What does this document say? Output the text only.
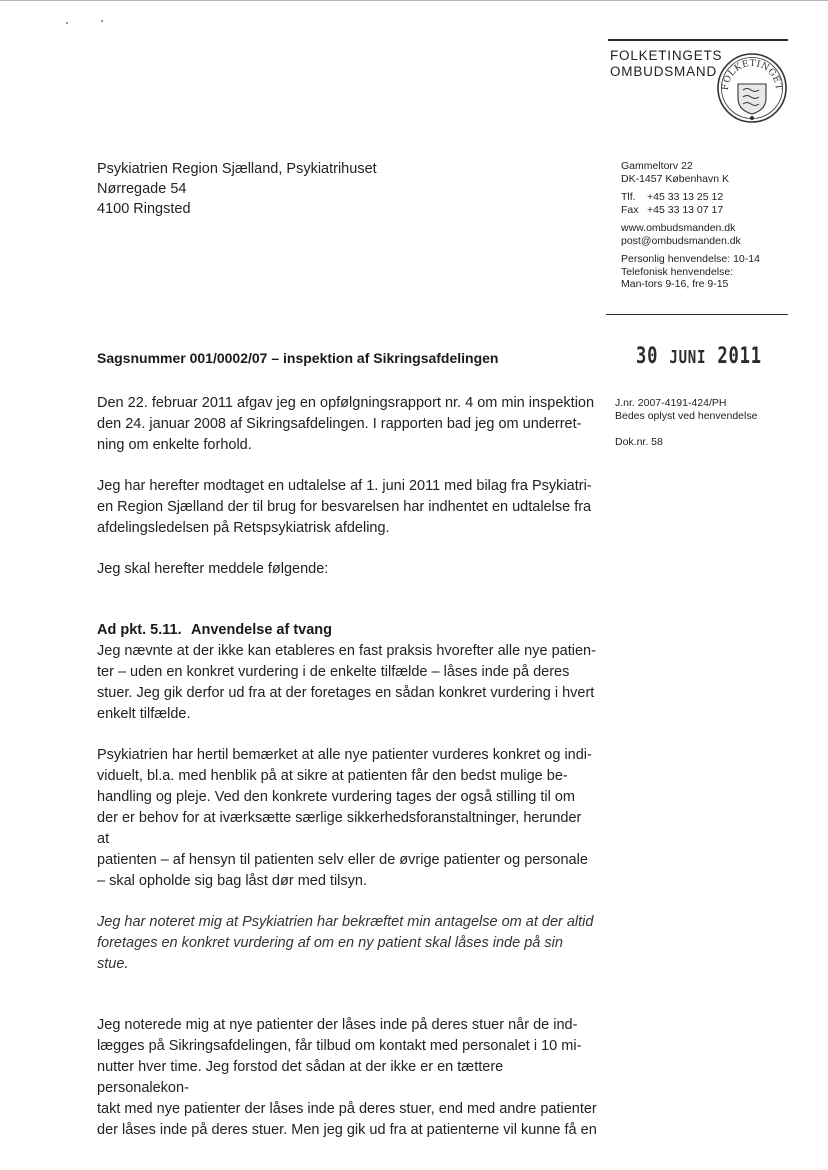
FOLKETINGETS
OMBUDSMAND
FOLKETINGET
Psykiatrien Region Sjælland, Psykiatrihuset
Nørregade 54
4100 Ringsted
Gammeltorv 22
DK-1457 København K
Tlf. +45 33 13 25 12
Fax +45 33 13 07 17
www.ombudsmanden.dk
post@ombudsmanden.dk
Personlig henvendelse: 10-14
Telefonisk henvendelse:
Man-tors 9-16, fre 9-15
30 JUNI 2011
J.nr. 2007-4191-424/PH
Bedes oplyst ved henvendelse
Dok.nr. 58
Sagsnummer 001/0002/07 – inspektion af Sikringsafdelingen

Den 22. februar 2011 afgav jeg en opfølgningsrapport nr. 4 om min inspektion
den 24. januar 2008 af Sikringsafdelingen. I rapporten bad jeg om underret-
ning om enkelte forhold.

Jeg har herefter modtaget en udtalelse af 1. juni 2011 med bilag fra Psykiatri-
en Region Sjælland der til brug for besvarelsen har indhentet en udtalelse fra
afdelingsledelsen på Retspsykiatrisk afdeling.

Jeg skal herefter meddele følgende:

Ad pkt. 5.11. Anvendelse af tvang

Jeg nævnte at der ikke kan etableres en fast praksis hvorefter alle nye patien-
ter – uden en konkret vurdering i de enkelte tilfælde – låses inde på deres
stuer. Jeg gik derfor ud fra at der foretages en sådan konkret vurdering i hvert
enkelt tilfælde.

Psykiatrien har hertil bemærket at alle nye patienter vurderes konkret og indi-
viduelt, bl.a. med henblik på at sikre at patienten får den bedst mulige be-
handling og pleje. Ved den konkrete vurdering tages der også stilling til om
der er behov for at iværksætte særlige sikkerhedsforanstaltninger, herunder at
patienten – af hensyn til patienten selv eller de øvrige patienter og personale
– skal opholde sig bag låst dør med tilsyn.

Jeg har noteret mig at Psykiatrien har bekræftet min antagelse om at der altid
foretages en konkret vurdering af om en ny patient skal låses inde på sin stue.

Jeg noterede mig at nye patienter der låses inde på deres stuer når de ind-
lægges på Sikringsafdelingen, får tilbud om kontakt med personalet i 10 mi-
nutter hver time. Jeg forstod det sådan at der ikke er en tættere personalekon-
takt med nye patienter der låses inde på deres stuer, end med andre patienter
der låses inde på deres stuer. Men jeg gik ud fra at patienterne vil kunne få en
